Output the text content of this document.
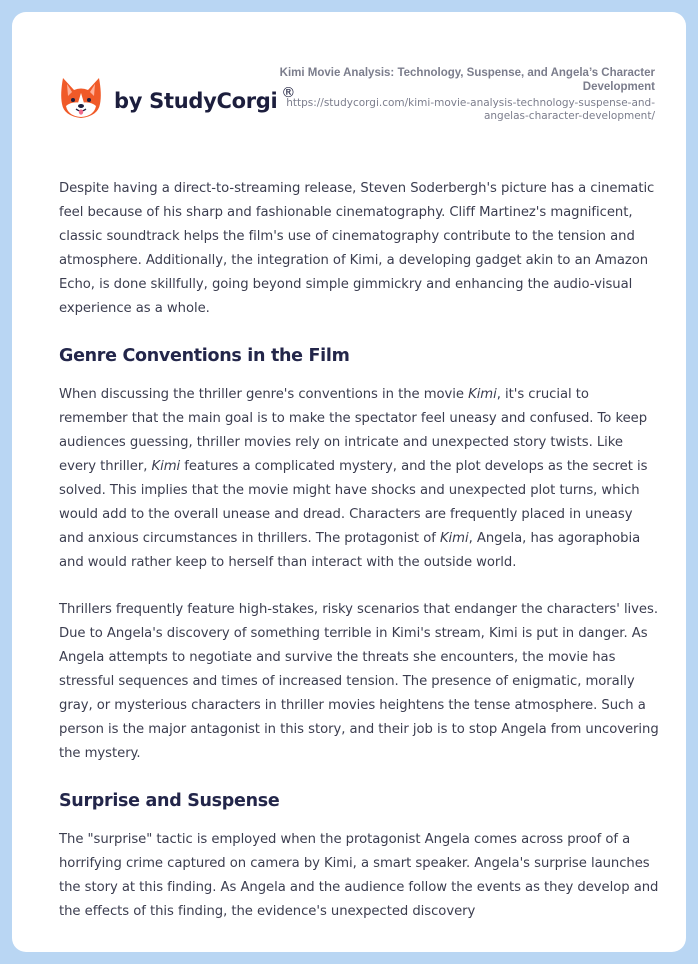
by StudyCorgi ®
Kimi Movie Analysis: Technology, Suspense, and Angela’s Character Development
https://studycorgi.com/kimi-movie-analysis-technology-suspense-and-angelas-character-development/

Despite having a direct-to-streaming release, Steven Soderbergh's picture has a cinematic feel because of his sharp and fashionable cinematography. Cliff Martinez's magnificent, classic soundtrack helps the film's use of cinematography contribute to the tension and atmosphere. Additionally, the integration of Kimi, a developing gadget akin to an Amazon Echo, is done skillfully, going beyond simple gimmickry and enhancing the audio-visual experience as a whole.

Genre Conventions in the Film

When discussing the thriller genre's conventions in the movie Kimi, it's crucial to remember that the main goal is to make the spectator feel uneasy and confused. To keep audiences guessing, thriller movies rely on intricate and unexpected story twists. Like every thriller, Kimi features a complicated mystery, and the plot develops as the secret is solved. This implies that the movie might have shocks and unexpected plot turns, which would add to the overall unease and dread. Characters are frequently placed in uneasy and anxious circumstances in thrillers. The protagonist of Kimi, Angela, has agoraphobia and would rather keep to herself than interact with the outside world.

Thrillers frequently feature high-stakes, risky scenarios that endanger the characters' lives. Due to Angela's discovery of something terrible in Kimi's stream, Kimi is put in danger. As Angela attempts to negotiate and survive the threats she encounters, the movie has stressful sequences and times of increased tension. The presence of enigmatic, morally gray, or mysterious characters in thriller movies heightens the tense atmosphere. Such a person is the major antagonist in this story, and their job is to stop Angela from uncovering the mystery.

Surprise and Suspense

The "surprise" tactic is employed when the protagonist Angela comes across proof of a horrifying crime captured on camera by Kimi, a smart speaker. Angela's surprise launches the story at this finding. As Angela and the audience follow the events as they develop and the effects of this finding, the evidence's unexpected discovery
